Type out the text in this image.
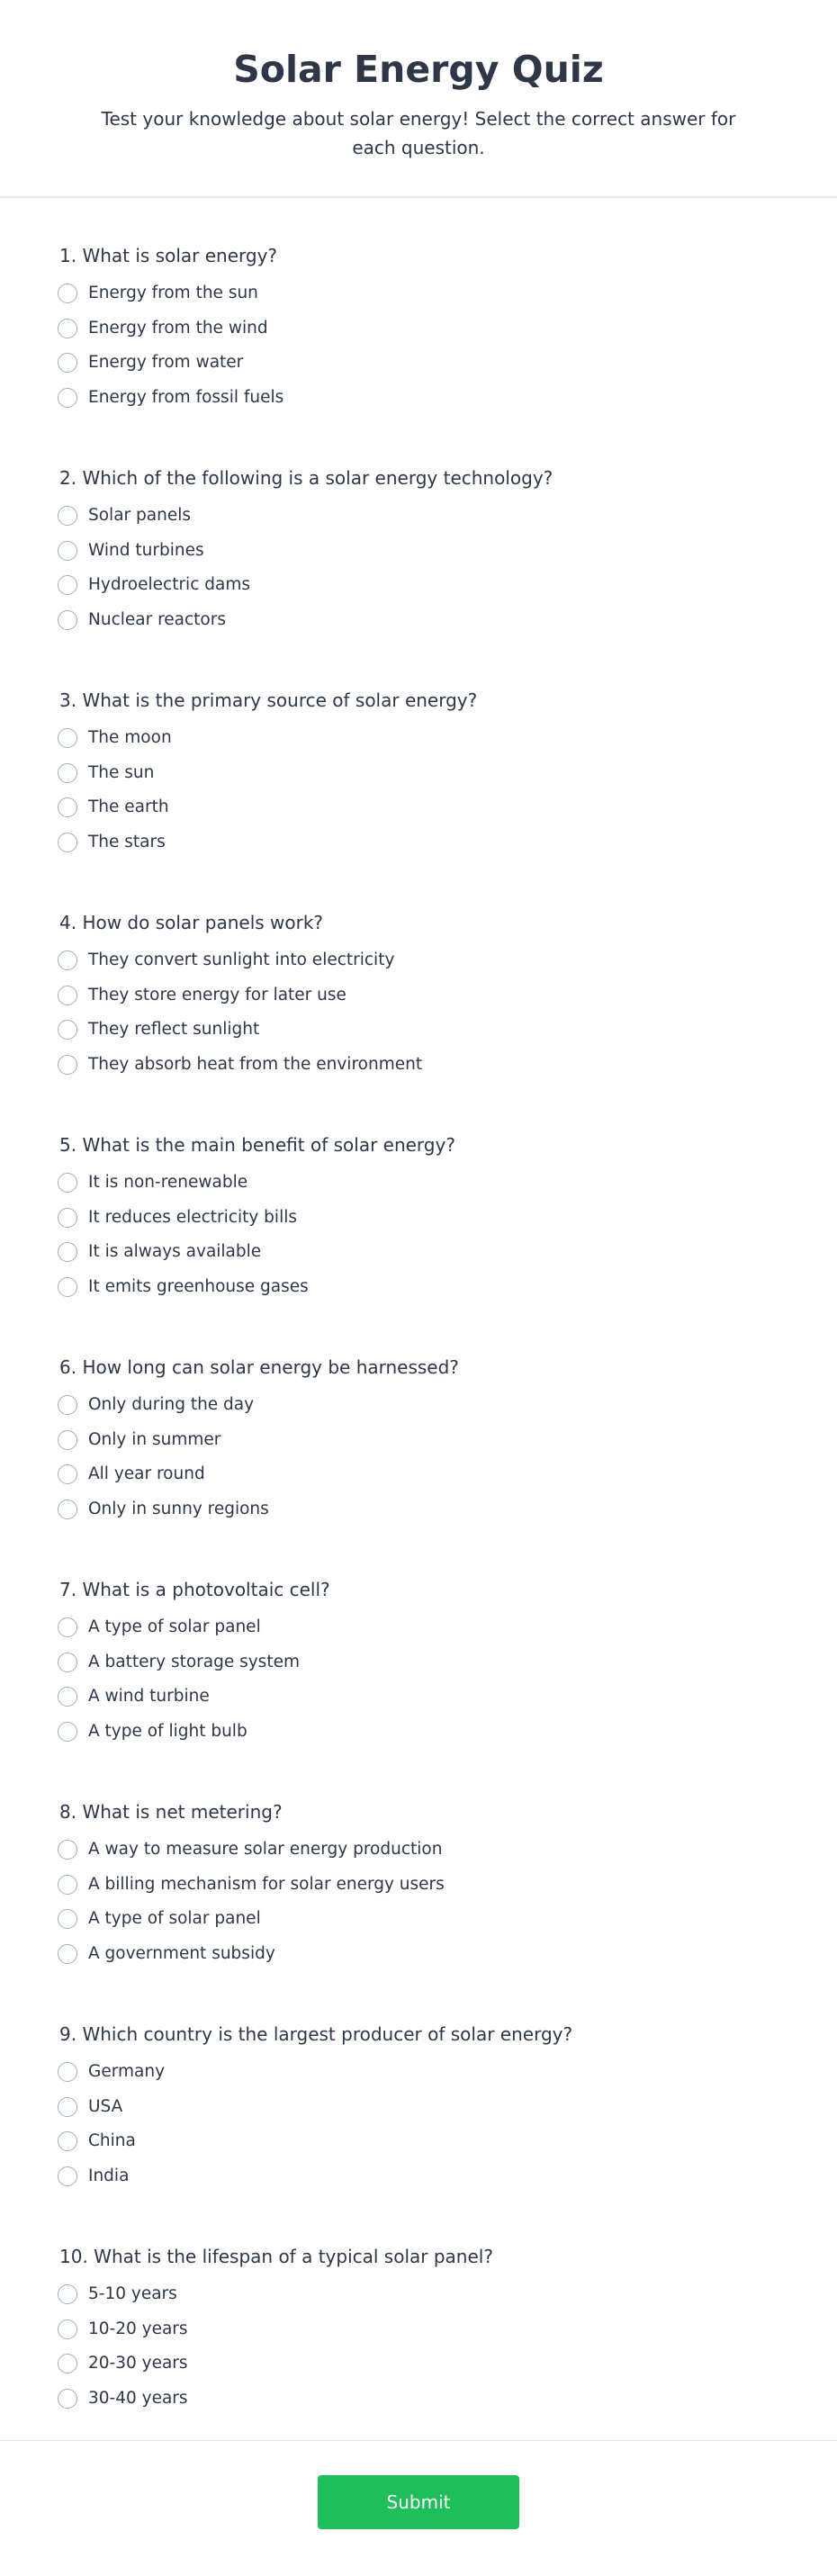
Solar Energy Quiz

Test your knowledge about solar energy! Select the correct answer for each question.

1. What is solar energy?
Energy from the sun
Energy from the wind
Energy from water
Energy from fossil fuels
2. Which of the following is a solar energy technology?
Solar panels
Wind turbines
Hydroelectric dams
Nuclear reactors
3. What is the primary source of solar energy?
The moon
The sun
The earth
The stars
4. How do solar panels work?
They convert sunlight into electricity
They store energy for later use
They reflect sunlight
They absorb heat from the environment
5. What is the main benefit of solar energy?
It is non-renewable
It reduces electricity bills
It is always available
It emits greenhouse gases
6. How long can solar energy be harnessed?
Only during the day
Only in summer
All year round
Only in sunny regions
7. What is a photovoltaic cell?
A type of solar panel
A battery storage system
A wind turbine
A type of light bulb
8. What is net metering?
A way to measure solar energy production
A billing mechanism for solar energy users
A type of solar panel
A government subsidy
9. Which country is the largest producer of solar energy?
Germany
USA
China
India
10. What is the lifespan of a typical solar panel?
5-10 years
10-20 years
20-30 years
30-40 years
Submit
